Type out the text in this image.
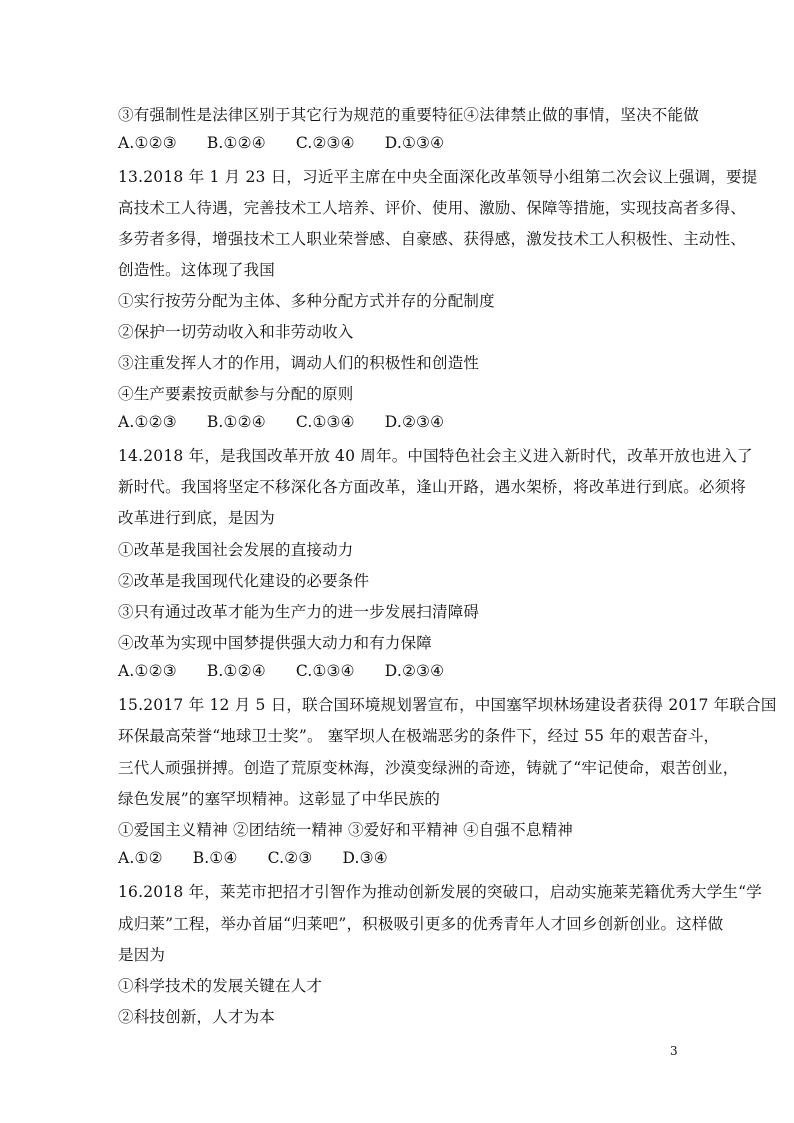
③有强制性是法律区别于其它行为规范的重要特征④法律禁止做的事情，坚决不能做
A.①②③ B.①②④ C.②③④ D.①③④
13.2018 年 1 月 23 日，习近平主席在中央全面深化改革领导小组第二次会议上强调，要提
高技术工人待遇，完善技术工人培养、评价、使用、激励、保障等措施，实现技高者多得、
多劳者多得，增强技术工人职业荣誉感、自豪感、获得感，激发技术工人积极性、主动性、
创造性。这体现了我国
①实行按劳分配为主体、多种分配方式并存的分配制度
②保护一切劳动收入和非劳动收入
③注重发挥人才的作用，调动人们的积极性和创造性
④生产要素按贡献参与分配的原则
A.①②③ B.①②④ C.①③④ D.②③④
14.2018 年，是我国改革开放 40 周年。中国特色社会主义进入新时代，改革开放也进入了
新时代。我国将坚定不移深化各方面改革，逢山开路，遇水架桥，将改革进行到底。必须将
改革进行到底，是因为
①改革是我国社会发展的直接动力
②改革是我国现代化建设的必要条件
③只有通过改革才能为生产力的进一步发展扫清障碍
④改革为实现中国梦提供强大动力和有力保障
A.①②③ B.①②④ C.①③④ D.②③④
15.2017 年 12 月 5 日，联合国环境规划署宣布，中国塞罕坝林场建设者获得 2017 年联合国
环保最高荣誉“地球卫士奖”。 塞罕坝人在极端恶劣的条件下，经过 55 年的艰苦奋斗，
三代人顽强拼搏。创造了荒原变林海，沙漠变绿洲的奇迹，铸就了“牢记使命，艰苦创业，
绿色发展”的塞罕坝精神。这彰显了中华民族的
①爱国主义精神 ②团结统一精神 ③爱好和平精神 ④自强不息精神
A.①② B.①④ C.②③ D.③④
16.2018 年，莱芜市把招才引智作为推动创新发展的突破口，启动实施莱芜籍优秀大学生“学
成归莱”工程，举办首届“归莱吧”，积极吸引更多的优秀青年人才回乡创新创业。这样做
是因为
①科学技术的发展关键在人才
②科技创新，人才为本
3
